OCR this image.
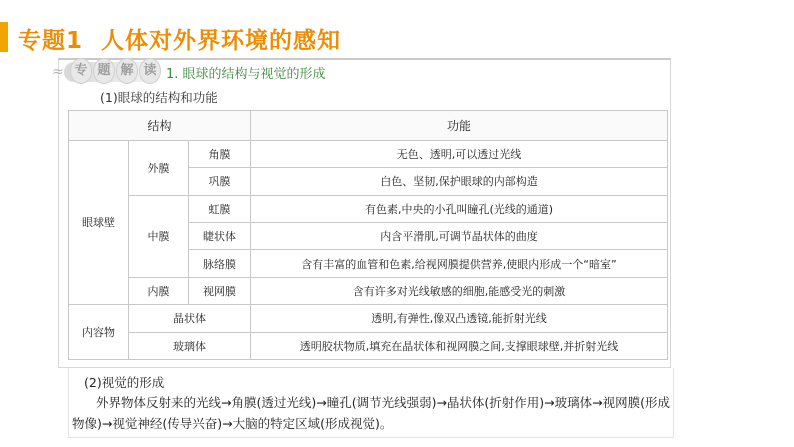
专题1 人体对外界环境的感知
≈ 专 题 解 读 1. 眼球的结构与视觉的形成
(1)眼球的结构和功能
结构			功能
眼球壁	外膜	角膜	无色、透明,可以透过光线
		巩膜	白色、坚韧,保护眼球的内部构造
	中膜	虹膜	有色素,中央的小孔叫瞳孔(光线的通道)
		睫状体	内含平滑肌,可调节晶状体的曲度
		脉络膜	含有丰富的血管和色素,给视网膜提供营养,使眼内形成一个“暗室”
	内膜	视网膜	含有许多对光线敏感的细胞,能感受光的刺激
内容物	晶状体		透明,有弹性,像双凸透镜,能折射光线
	玻璃体		透明胶状物质,填充在晶状体和视网膜之间,支撑眼球壁,并折射光线
(2)视觉的形成
外界物体反射来的光线→角膜(透过光线)→瞳孔(调节光线强弱)→晶状体(折射作用)→玻璃体→视网膜(形成物像)→视觉神经(传导兴奋)→大脑的特定区域(形成视觉)。
